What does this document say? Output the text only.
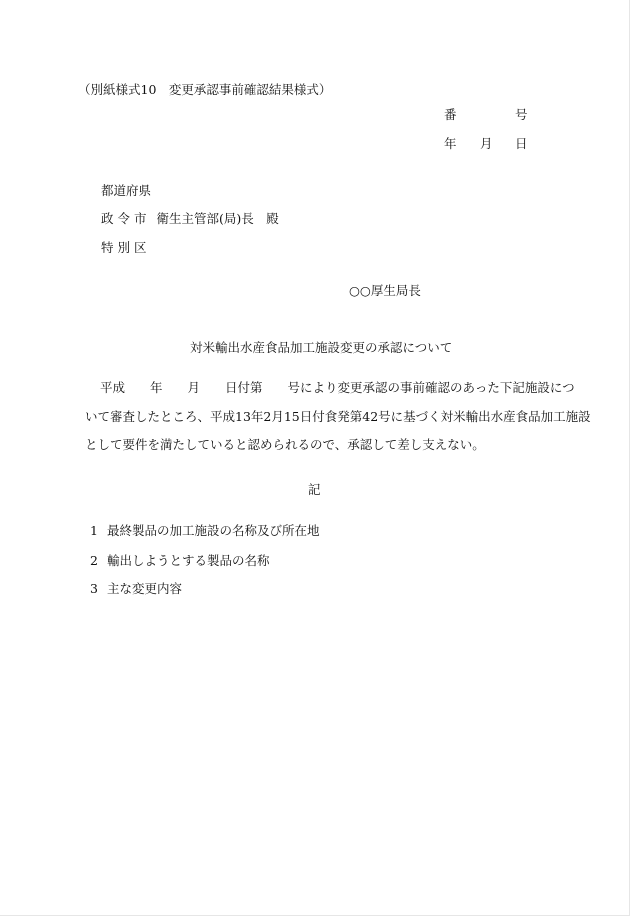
（別紙様式10　変更承認事前確認結果様式）
番	号
年 月 日
都道府県
政 令 市 衛生主管部(局)長　殿
特 別 区
○○厚生局長
対米輸出水産食品加工施設変更の承認について
平成　　年　　月　　日付第　　号により変更承認の事前確認のあった下記施設につ
いて審査したところ、平成13年2月15日付食発第42号に基づく対米輸出水産食品加工施設
として要件を満たしていると認められるので、承認して差し支えない。
記
1 最終製品の加工施設の名称及び所在地
2 輸出しようとする製品の名称
3 主な変更内容
